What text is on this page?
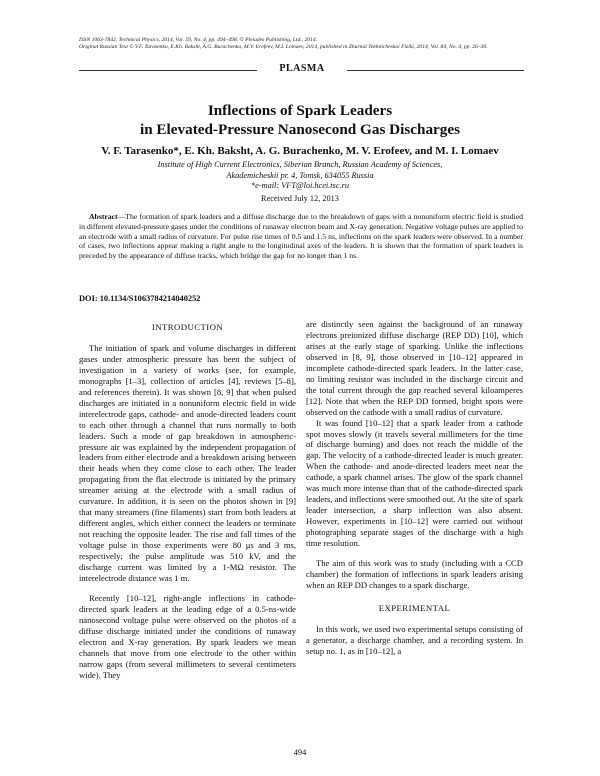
ISSN 1063-7842, Technical Physics, 2014, Vol. 59, No. 4, pp. 494–498. © Pleiades Publishing, Ltd., 2014.

Original Russian Text © V.F. Tarasenko, E.Kh. Baksht, A.G. Burachenko, M.V. Erofeev, M.I. Lomaev, 2014, published in Zhurnal Tekhnicheskoi Fiziki, 2014, Vol. 84, No. 4, pp. 26–30.

PLASMA
Inflections of Spark Leaders
in Elevated-Pressure Nanosecond Gas Discharges
V. F. Tarasenko*, E. Kh. Baksht, A. G. Burachenko, M. V. Erofeev, and M. I. Lomaev
Institute of High Current Electronics, Siberian Branch, Russian Academy of Sciences,
Akademicheskii pr. 4, Tomsk, 634055 Russia
*e-mail: VFT@loi.hcei.tsc.ru
Received July 12, 2013

Abstract—The formation of spark leaders and a diffuse discharge due to the breakdown of gaps with a nonuniform electric field is studied in different elevated-pressure gases under the conditions of runaway electron beam and X-ray generation. Negative voltage pulses are applied to an electrode with a small radius of curvature. For pulse rise times of 0.5 and 1.5 ns, inflections on the spark leaders were observed. In a number of cases, two inflections appear making a right angle to the longitudinal axes of the leaders. It is shown that the formation of spark leaders is preceded by the appearance of diffuse tracks, which bridge the gap for no longer than 1 ns.

DOI: 10.1134/S1063784214040252
INTRODUCTION

The initiation of spark and volume discharges in different gases under atmospheric pressure has been the subject of investigation in a variety of works (see, for example, monographs [1–3], collection of articles [4], reviews [5–8], and references therein). It was shown [8, 9] that when pulsed discharges are initiated in a nonuniform electric field in wide interelectrode gaps, cathode- and anode-directed leaders count to each other through a channel that runs normally to both leaders. Such a mode of gap breakdown in atmospheric-pressure air was explained by the independent propagation of leaders from either electrode and a breakdown arising between their heads when they come close to each other. The leader propagating from the flat electrode is initiated by the primary streamer arising at the electrode with a small radius of curvature. In addition, it is seen on the photos shown in [9] that many streamers (fine filaments) start from both leaders at different angles, which either connect the leaders or terminate not reaching the opposite leader. The rise and fall times of the voltage pulse in those experiments were 80 μs and 3 ms, respectively; the pulse amplitude was 510 kV, and the discharge current was limited by a 1-MΩ resistor. The interelectrode distance was 1 m.

Recently [10–12], right-angle inflections in cathode-directed spark leaders at the leading edge of a 0.5-ns-wide nanosecond voltage pulse were observed on the photos of a diffuse discharge initiated under the conditions of runaway electron and X-ray generation. By spark leaders we mean channels that move from one electrode to the other within narrow gaps (from several millimeters to several centimeters wide). They

are distinctly seen against the background of an runaway electrons preionized diffuse discharge (REP DD) [10], which arises at the early stage of sparking. Unlike the inflections observed in [8, 9], those observed in [10–12] appeared in incomplete cathode-directed spark leaders. In the latter case, no limiting resistor was included in the discharge circuit and the total current through the gap reached several kiloamperes [12]. Note that when the REP DD formed, bright spots were observed on the cathode with a small radius of curvature.

It was found [10–12] that a spark leader from a cathode spot moves slowly (it travels several millimeters for the time of discharge burning) and does not reach the middle of the gap. The velocity of a cathode-directed leader is much greater. When the cathode- and anode-directed leaders meet near the cathode, a spark channel arises. The glow of the spark channel was much more intense than that of the cathode-directed spark leaders, and inflections were smoothed out. At the site of spark leader intersection, a sharp inflection was also absent. However, experiments in [10–12] were carried out without photographing separate stages of the discharge with a high time resolution.

The aim of this work was to study (including with a CCD chamber) the formation of inflections in spark leaders arising when an REP DD changes to a spark discharge.

EXPERIMENTAL

In this work, we used two experimental setups consisting of a generator, a discharge chamber, and a recording system. In setup no. 1, as in [10–12], a

494
